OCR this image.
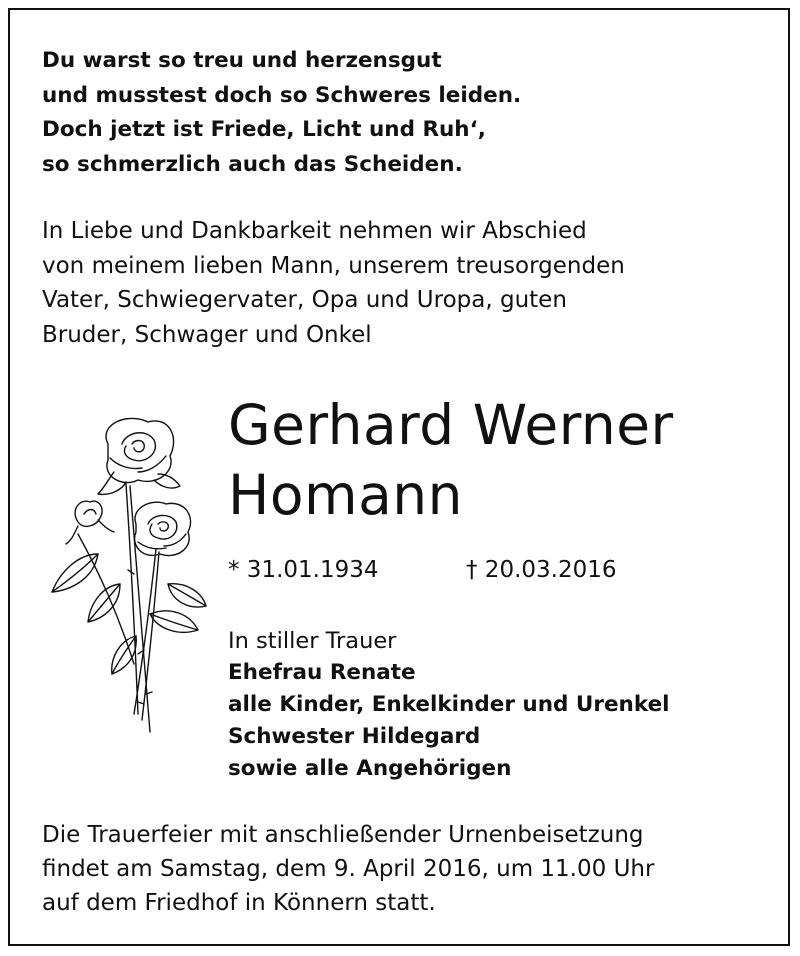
Du warst so treu und herzensgut
und musstest doch so Schweres leiden.
Doch jetzt ist Friede, Licht und Ruh‘,
so schmerzlich auch das Scheiden.
In Liebe und Dankbarkeit nehmen wir Abschied
von meinem lieben Mann, unserem treusorgenden
Vater, Schwiegervater, Opa und Uropa, guten
Bruder, Schwager und Onkel
Gerhard Werner
Homann
* 31.01.1934	† 20.03.2016
In stiller Trauer
Ehefrau Renate
alle Kinder, Enkelkinder und Urenkel
Schwester Hildegard
sowie alle Angehörigen
Die Trauerfeier mit anschließender Urnenbeisetzung
findet am Samstag, dem 9. April 2016, um 11.00 Uhr
auf dem Friedhof in Könnern statt.
